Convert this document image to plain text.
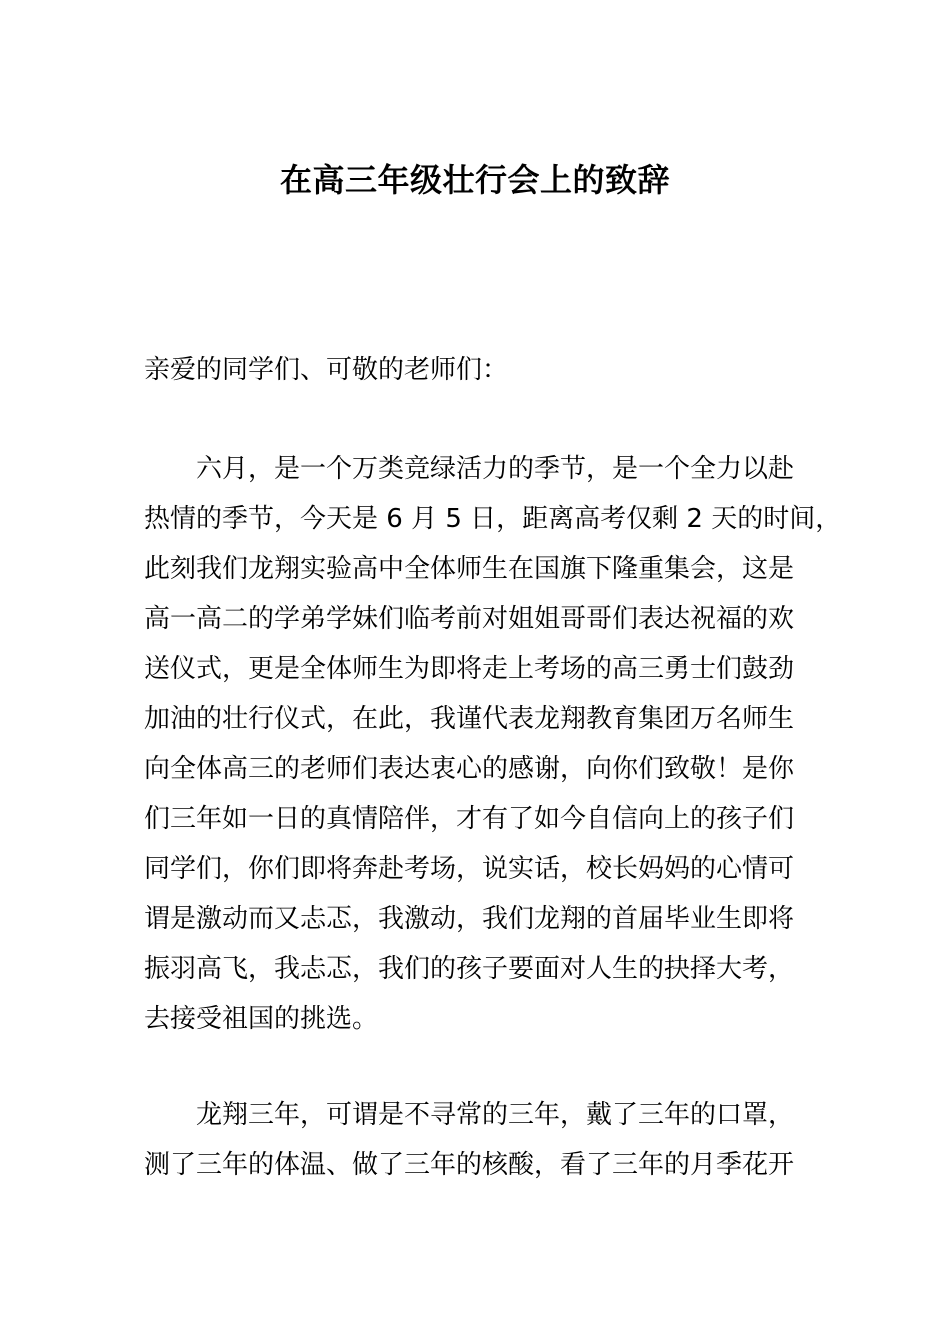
在高三年级壮行会上的致辞
亲爱的同学们、可敬的老师们：
六月，是一个万类竞绿活力的季节，是一个全力以赴
热情的季节，今天是 6 月 5 日，距离高考仅剩 2 天的时间，
此刻我们龙翔实验高中全体师生在国旗下隆重集会，这是
高一高二的学弟学妹们临考前对姐姐哥哥们表达祝福的欢
送仪式，更是全体师生为即将走上考场的高三勇士们鼓劲
加油的壮行仪式，在此，我谨代表龙翔教育集团万名师生
向全体高三的老师们表达衷心的感谢，向你们致敬！是你
们三年如一日的真情陪伴，才有了如今自信向上的孩子们
同学们，你们即将奔赴考场，说实话，校长妈妈的心情可
谓是激动而又忐忑，我激动，我们龙翔的首届毕业生即将
振羽高飞，我忐忑，我们的孩子要面对人生的抉择大考，
去接受祖国的挑选。
龙翔三年，可谓是不寻常的三年，戴了三年的口罩，
测了三年的体温、做了三年的核酸，看了三年的月季花开
